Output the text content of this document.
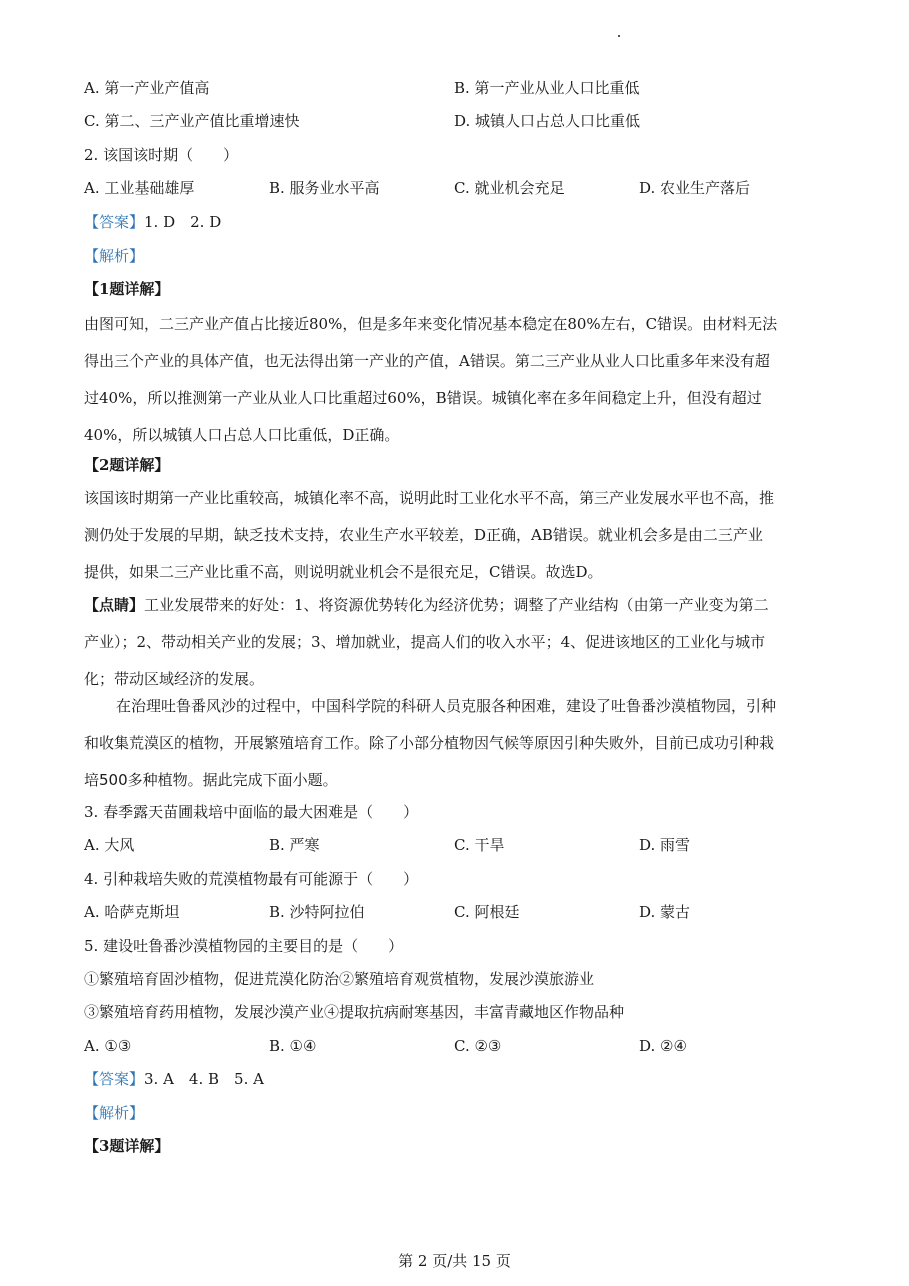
A. 第一产业产值高	B. 第一产业从业人口比重低
C. 第二、三产业产值比重增速快	D. 城镇人口占总人口比重低
2. 该国该时期（　　）
A. 工业基础雄厚	B. 服务业水平高	C. 就业机会充足	D. 农业生产落后
【答案】1. D　2. D
【解析】
【1题详解】

由图可知，二三产业产值占比接近80%，但是多年来变化情况基本稳定在80%左右，C错误。由材料无法

得出三个产业的具体产值，也无法得出第一产业的产值，A错误。第二三产业从业人口比重多年来没有超

过40%，所以推测第一产业从业人口比重超过60%，B错误。城镇化率在多年间稳定上升，但没有超过

40%，所以城镇人口占总人口比重低，D正确。

【2题详解】

该国该时期第一产业比重较高，城镇化率不高，说明此时工业化水平不高，第三产业发展水平也不高，推

测仍处于发展的早期，缺乏技术支持，农业生产水平较差，D正确，AB错误。就业机会多是由二三产业

提供，如果二三产业比重不高，则说明就业机会不是很充足，C错误。故选D。

【点睛】工业发展带来的好处：1、将资源优势转化为经济优势；调整了产业结构（由第一产业变为第二

产业）；2、带动相关产业的发展；3、增加就业，提高人们的收入水平；4、促进该地区的工业化与城市

化；带动区域经济的发展。

在治理吐鲁番风沙的过程中，中国科学院的科研人员克服各种困难，建设了吐鲁番沙漠植物园，引种

和收集荒漠区的植物，开展繁殖培育工作。除了小部分植物因气候等原因引种失败外，目前已成功引种栽

培500多种植物。据此完成下面小题。

3. 春季露天苗圃栽培中面临的最大困难是（　　）
A. 大风	B. 严寒	C. 干旱	D. 雨雪
4. 引种栽培失败的荒漠植物最有可能源于（　　）
A. 哈萨克斯坦	B. 沙特阿拉伯	C. 阿根廷	D. 蒙古
5. 建设吐鲁番沙漠植物园的主要目的是（　　）
①繁殖培育固沙植物，促进荒漠化防治②繁殖培育观赏植物，发展沙漠旅游业
③繁殖培育药用植物，发展沙漠产业④提取抗病耐寒基因，丰富青藏地区作物品种
A. ①③	B. ①④	C. ②③	D. ②④
【答案】3. A　4. B　5. A
【解析】
【3题详解】
第 2 页/共 15 页
